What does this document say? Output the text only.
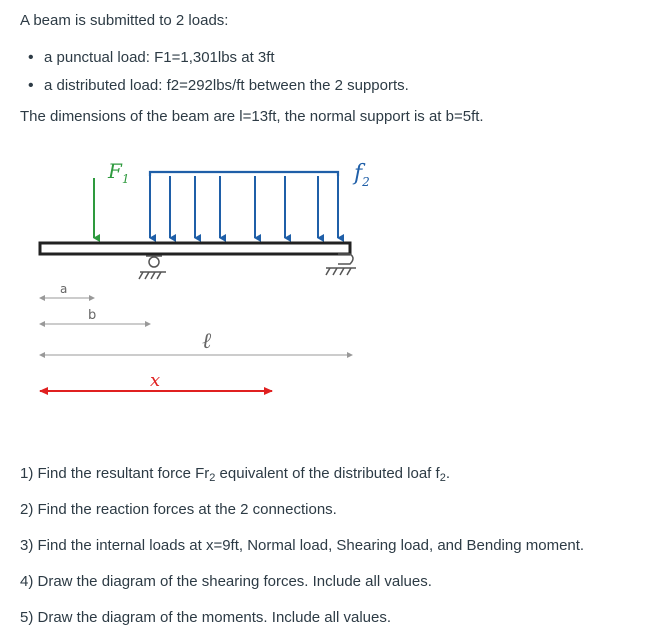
A beam is submitted to 2 loads:

• a punctual load: F1=1,301lbs at 3ft
• a distributed load: f2=292lbs/ft between the 2 supports.

The dimensions of the beam are l=13ft, the normal support is at b=5ft.

$F_1$	$f_2$
a
b
ℓ
x
1) Find the resultant force $Fr_2$ equivalent of the distributed loaf $f_2$.
2) Find the reaction forces at the 2 connections.
3) Find the internal loads at x=9ft, Normal load, Shearing load, and Bending moment.
4) Draw the diagram of the shearing forces. Include all values.
5) Draw the diagram of the moments. Include all values.
